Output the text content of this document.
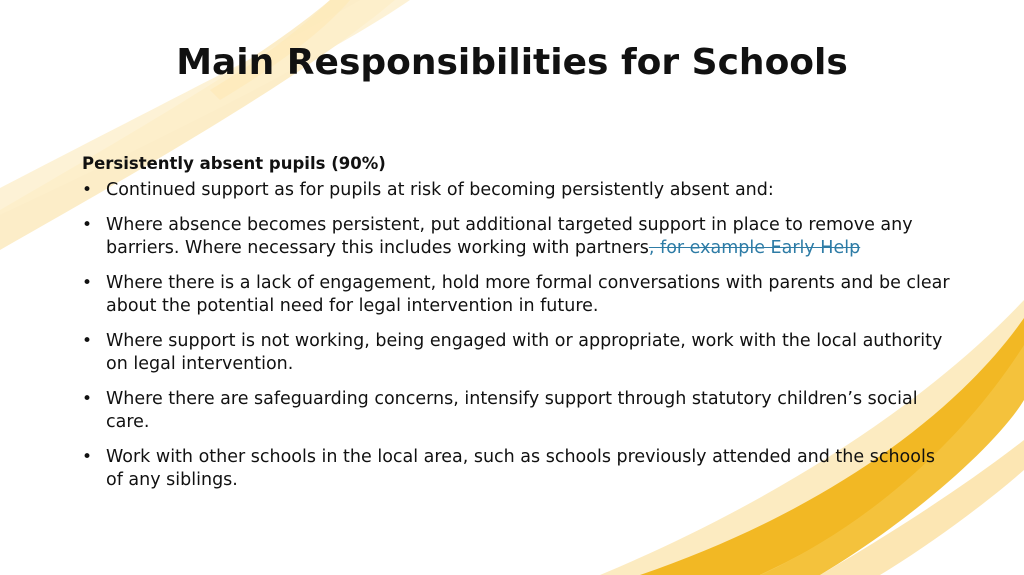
Main Responsibilities for Schools
Persistently absent pupils (90%)
• Continued support as for pupils at risk of becoming persistently absent and:
• Where absence becomes persistent, put additional targeted support in place to remove any barriers. Where necessary this includes working with partners, for example Early Help
• Where there is a lack of engagement, hold more formal conversations with parents and be clear about the potential need for legal intervention in future.
• Where support is not working, being engaged with or appropriate, work with the local authority on legal intervention.
• Where there are safeguarding concerns, intensify support through statutory children’s social care.
• Work with other schools in the local area, such as schools previously attended and the schools of any siblings.
